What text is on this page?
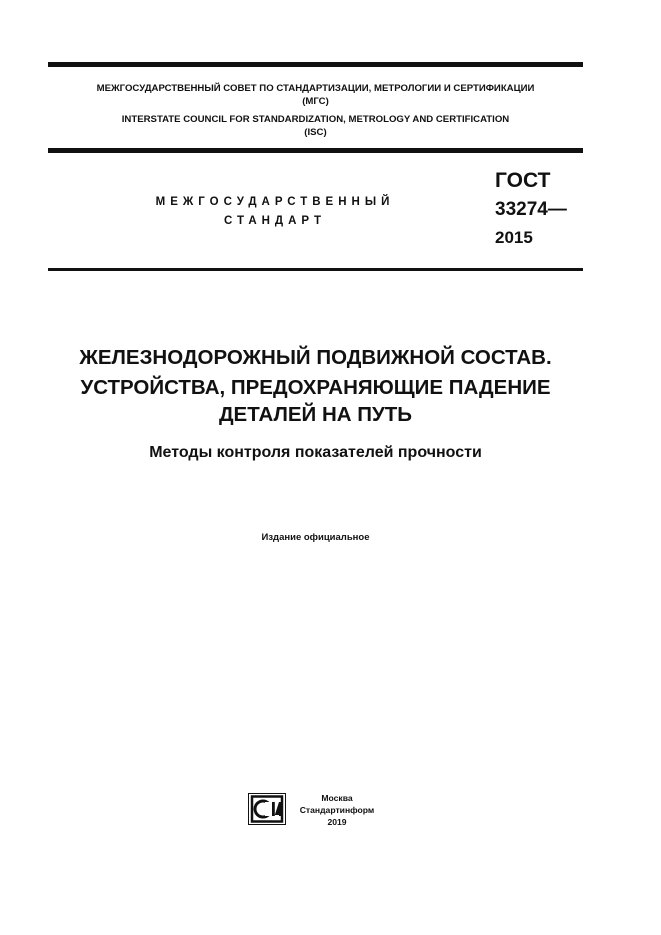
МЕЖГОСУДАРСТВЕННЫЙ СОВЕТ ПО СТАНДАРТИЗАЦИИ, МЕТРОЛОГИИ И СЕРТИФИКАЦИИ
(МГС)
INTERSTATE COUNCIL FOR STANDARDIZATION, METROLOGY AND CERTIFICATION
(ISC)
МЕЖГОСУДАРСТВЕННЫЙ
СТАНДАРТ
ГОСТ
33274—
2015
ЖЕЛЕЗНОДОРОЖНЫЙ ПОДВИЖНОЙ СОСТАВ.
УСТРОЙСТВА, ПРЕДОХРАНЯЮЩИЕ ПАДЕНИЕ
ДЕТАЛЕЙ НА ПУТЬ
Методы контроля показателей прочности
Издание официальное
Москва
Стандартинформ
2019
